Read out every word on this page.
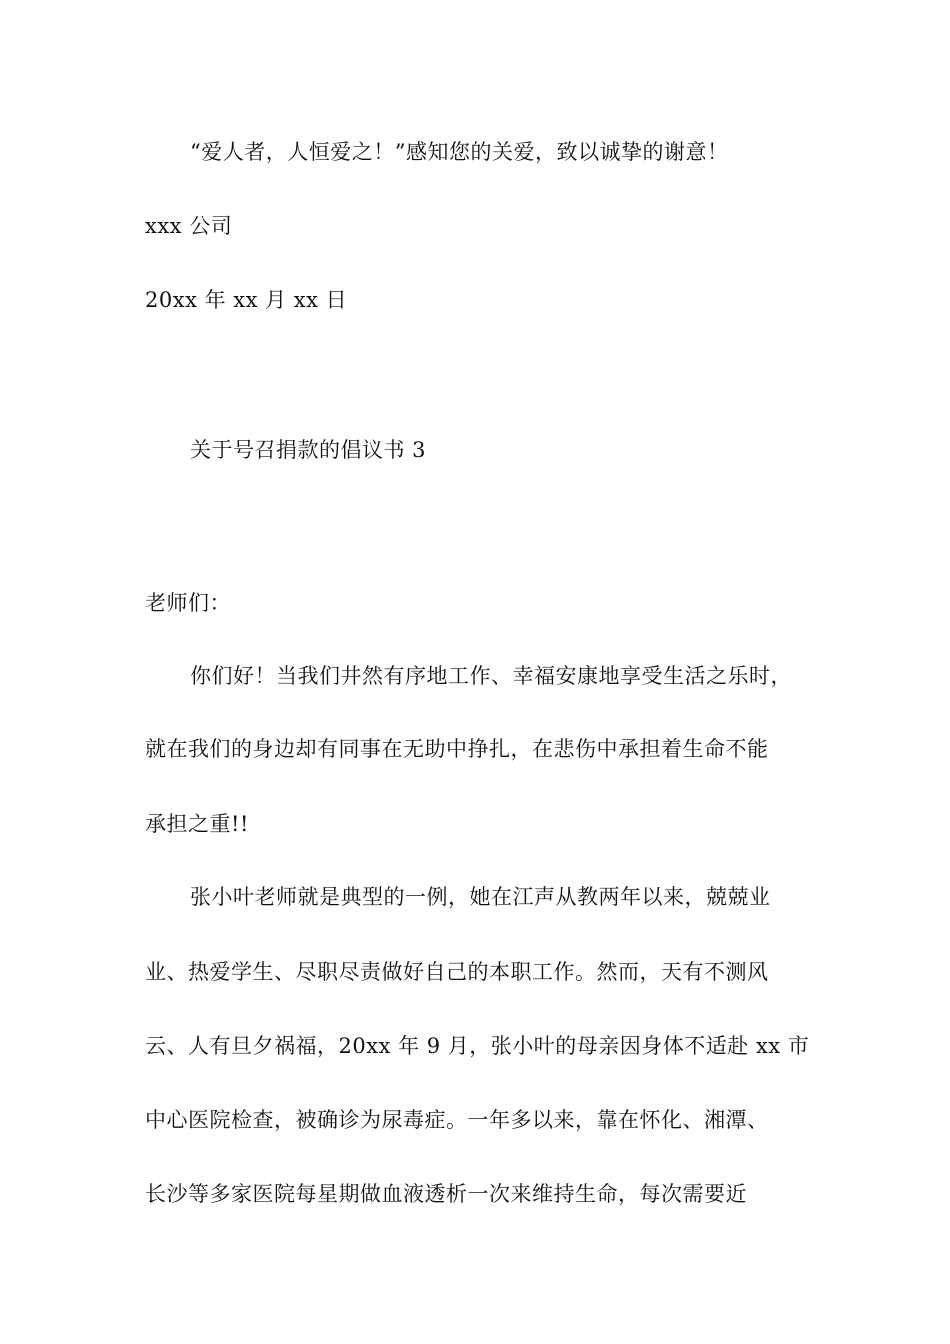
“爱人者，人恒爱之！”感知您的关爱，致以诚挚的谢意！
xxx 公司
20xx 年 xx 月 xx 日
关于号召捐款的倡议书 3
老师们：
你们好！当我们井然有序地工作、幸福安康地享受生活之乐时，
就在我们的身边却有同事在无助中挣扎，在悲伤中承担着生命不能
承担之重!!
张小叶老师就是典型的一例，她在江声从教两年以来，兢兢业
业、热爱学生、尽职尽责做好自己的本职工作。然而，天有不测风
云、人有旦夕祸福，20xx 年 9 月，张小叶的母亲因身体不适赴 xx 市
中心医院检查，被确诊为尿毒症。一年多以来，靠在怀化、湘潭、
长沙等多家医院每星期做血液透析一次来维持生命，每次需要近
